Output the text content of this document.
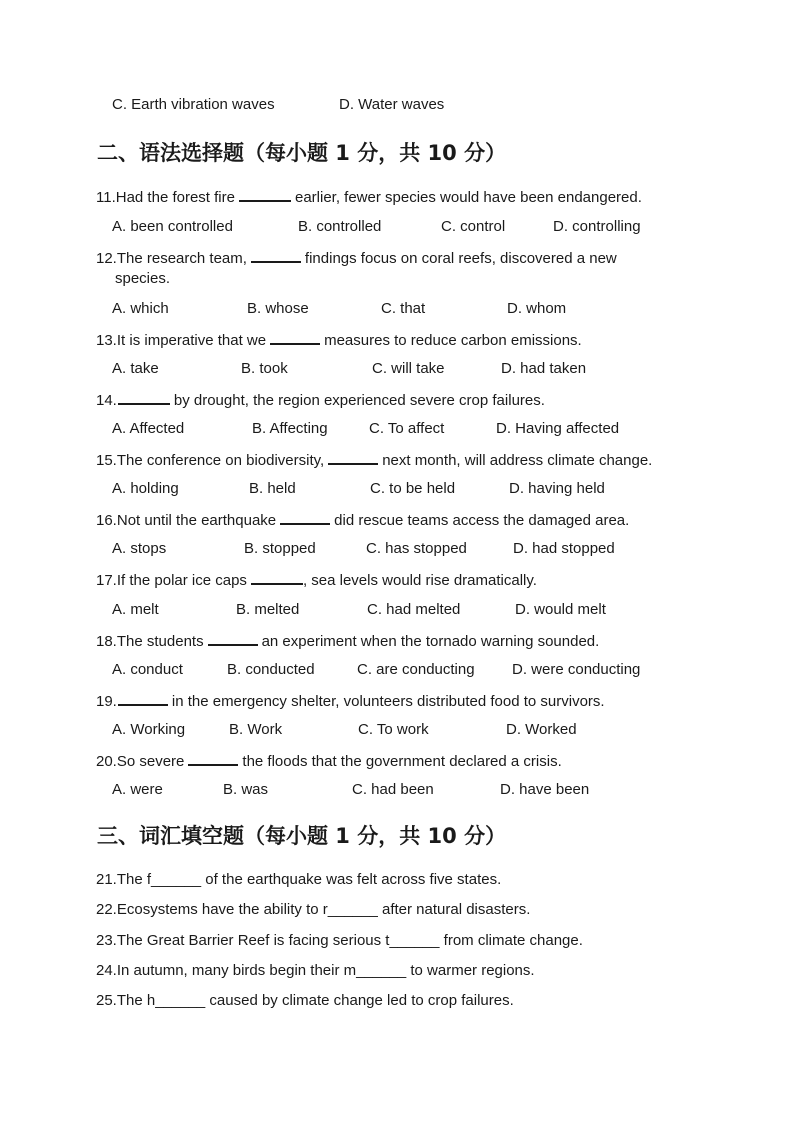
C. Earth vibration waves	D. Water waves
二、语法选择题（每小题 1 分，共 10 分）
11.Had the forest fire	earlier, fewer species would have been endangered.
A. been controlled	B. controlled	C. control	D. controlling
12.The research team,	findings focus on coral reefs, discovered a new
species.
A. which	B. whose	C. that	D. whom
13.It is imperative that we	measures to reduce carbon emissions.
A. take	B. took	C. will take	D. had taken
14.	by drought, the region experienced severe crop failures.
A. Affected	B. Affecting	C. To affect	D. Having affected
15.The conference on biodiversity,	next month, will address climate change.
A. holding	B. held	C. to be held	D. having held
16.Not until the earthquake	did rescue teams access the damaged area.
A. stops	B. stopped	C. has stopped	D. had stopped
17.If the polar ice caps	, sea levels would rise dramatically.
A. melt	B. melted	C. had melted	D. would melt
18.The students	an experiment when the tornado warning sounded.
A. conduct	B. conducted	C. are conducting D. were conducting
19.	in the emergency shelter, volunteers distributed food to survivors.
A. Working	B. Work	C. To work	D. Worked
20.So severe	the floods that the government declared a crisis.
A. were	B. was	C. had been	D. have been
三、词汇填空题（每小题 1 分，共 10 分）
21.The f______ of the earthquake was felt across five states.
22.Ecosystems have the ability to r______ after natural disasters.
23.The Great Barrier Reef is facing serious t______ from climate change.
24.In autumn, many birds begin their m______ to warmer regions.
25.The h______ caused by climate change led to crop failures.
